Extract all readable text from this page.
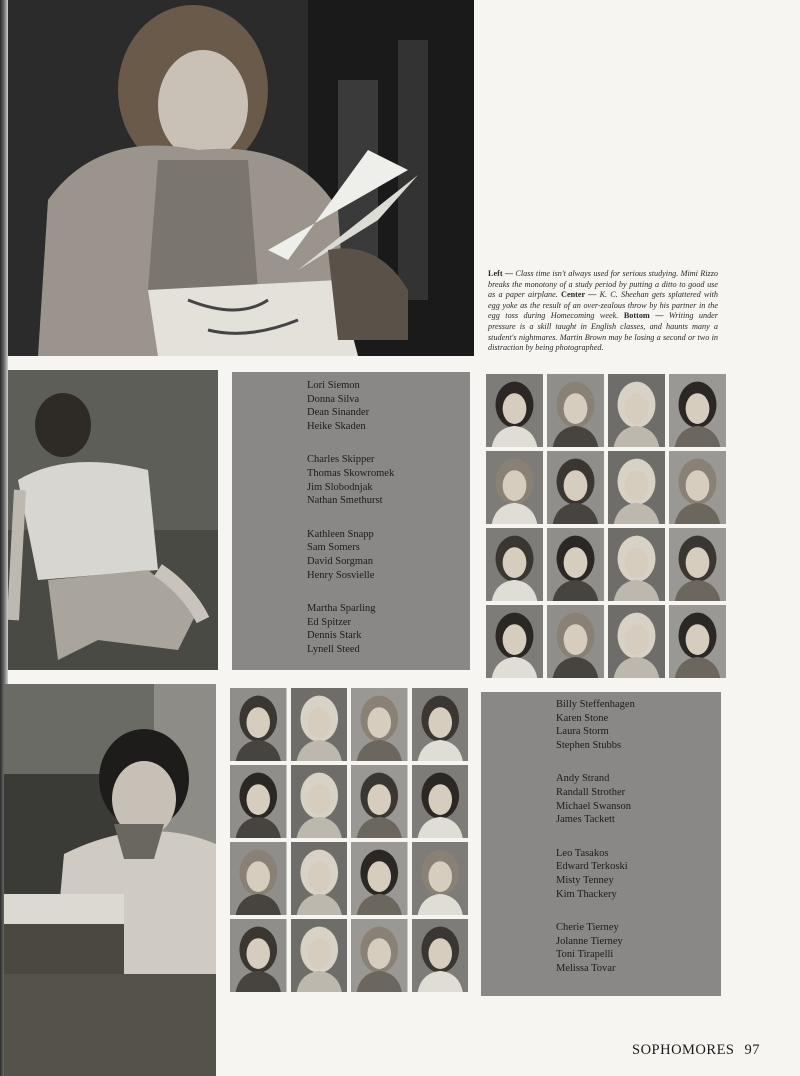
Left — Class time isn't always used for serious studying. Mimi Rizzo breaks the monotony of a study period by putting a ditto to good use as a paper airplane. Center — K. C. Sheehan gets splattered with egg yoke as the result of an over-zealous throw by his partner in the egg toss during Homecoming week. Bottom — Writing under pressure is a skill taught in English classes, and haunts many a student's nightmares. Martin Brown may be losing a second or two in distraction by being photographed.
Lori Siemon
Donna Silva
Dean Sinander
Heike Skaden
Charles Skipper
Thomas Skowromek
Jim Slobodnjak
Nathan Smethurst
Kathleen Snapp
Sam Somers
David Sorgman
Henry Sosvielle
Martha Sparling
Ed Spitzer
Dennis Stark
Lynell Steed
Billy Steffenhagen
Karen Stone
Laura Storm
Stephen Stubbs
Andy Strand
Randall Strother
Michael Swanson
James Tackett
Leo Tasakos
Edward Terkoski
Misty Tenney
Kim Thackery
Cherie Tierney
Jolanne Tierney
Toni Tirapelli
Melissa Tovar
SOPHOMORES 97
